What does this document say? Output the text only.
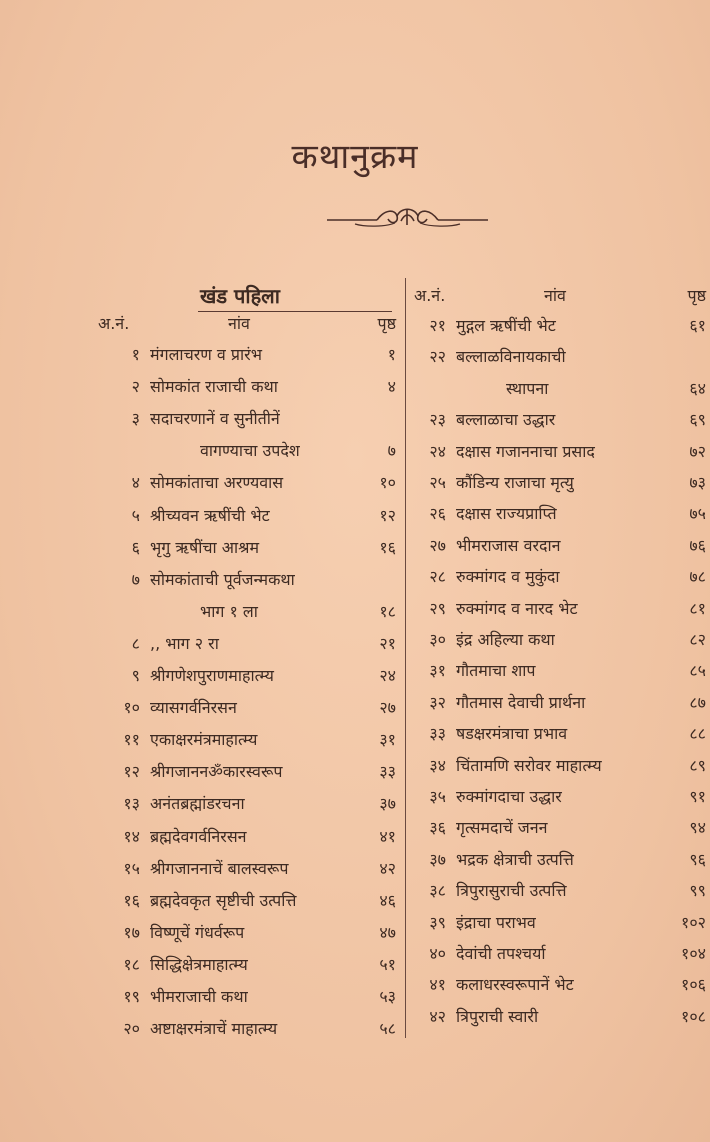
कथानुक्रम
खंड पहिला
अ.नं.	नांव	पृष्ठ
अ.नं.	नांव	पृष्ठ
१ मंगलाचरण व प्रारंभ	१
२ सोमकांत राजाची कथा	४
३ सदाचरणानें व सुनीतीनें
वागण्याचा उपदेश	७
४ सोमकांताचा अरण्यवास	१०
५ श्रीच्यवन ऋषींची भेट	१२
६ भृगु ऋषींचा आश्रम	१६
७ सोमकांताची पूर्वजन्मकथा
भाग १ ला	१८
८ ,, भाग २ रा	२१
९ श्रीगणेशपुराणमाहात्म्य	२४
१० व्यासगर्वनिरसन	२७
११ एकाक्षरमंत्रमाहात्म्य	३१
१२ श्रीगजाननॐकारस्वरूप	३३
१३ अनंतब्रह्मांडरचना	३७
१४ ब्रह्मदेवगर्वनिरसन	४१
१५ श्रीगजाननाचें बालस्वरूप	४२
१६ ब्रह्मदेवकृत सृष्टीची उत्पत्ति	४६
१७ विष्णूचें गंधर्वरूप	४७
१८ सिद्धिक्षेत्रमाहात्म्य	५१
१९ भीमराजाची कथा	५३
२० अष्टाक्षरमंत्राचें माहात्म्य	५८
२१ मुद्गल ऋषींची भेट	६१
२२ बल्लाळविनायकाची
स्थापना	६४
२३ बल्लाळाचा उद्धार	६९
२४ दक्षास गजाननाचा प्रसाद	७२
२५ कौंडिन्य राजाचा मृत्यु	७३
२६ दक्षास राज्यप्राप्ति	७५
२७ भीमराजास वरदान	७६
२८ रुक्मांगद व मुकुंदा	७८
२९ रुक्मांगद व नारद भेट	८१
३० इंद्र अहिल्या कथा	८२
३१ गौतमाचा शाप	८५
३२ गौतमास देवाची प्रार्थना	८७
३३ षडक्षरमंत्राचा प्रभाव	८८
३४ चिंतामणि सरोवर माहात्म्य	८९
३५ रुक्मांगदाचा उद्धार	९१
३६ गृत्समदाचें जनन	९४
३७ भद्रक क्षेत्राची उत्पत्ति	९६
३८ त्रिपुरासुराची उत्पत्ति	९९
३९ इंद्राचा पराभव	१०२
४० देवांची तपश्चर्या	१०४
४१ कलाधरस्वरूपानें भेट	१०६
४२ त्रिपुराची स्वारी	१०८
